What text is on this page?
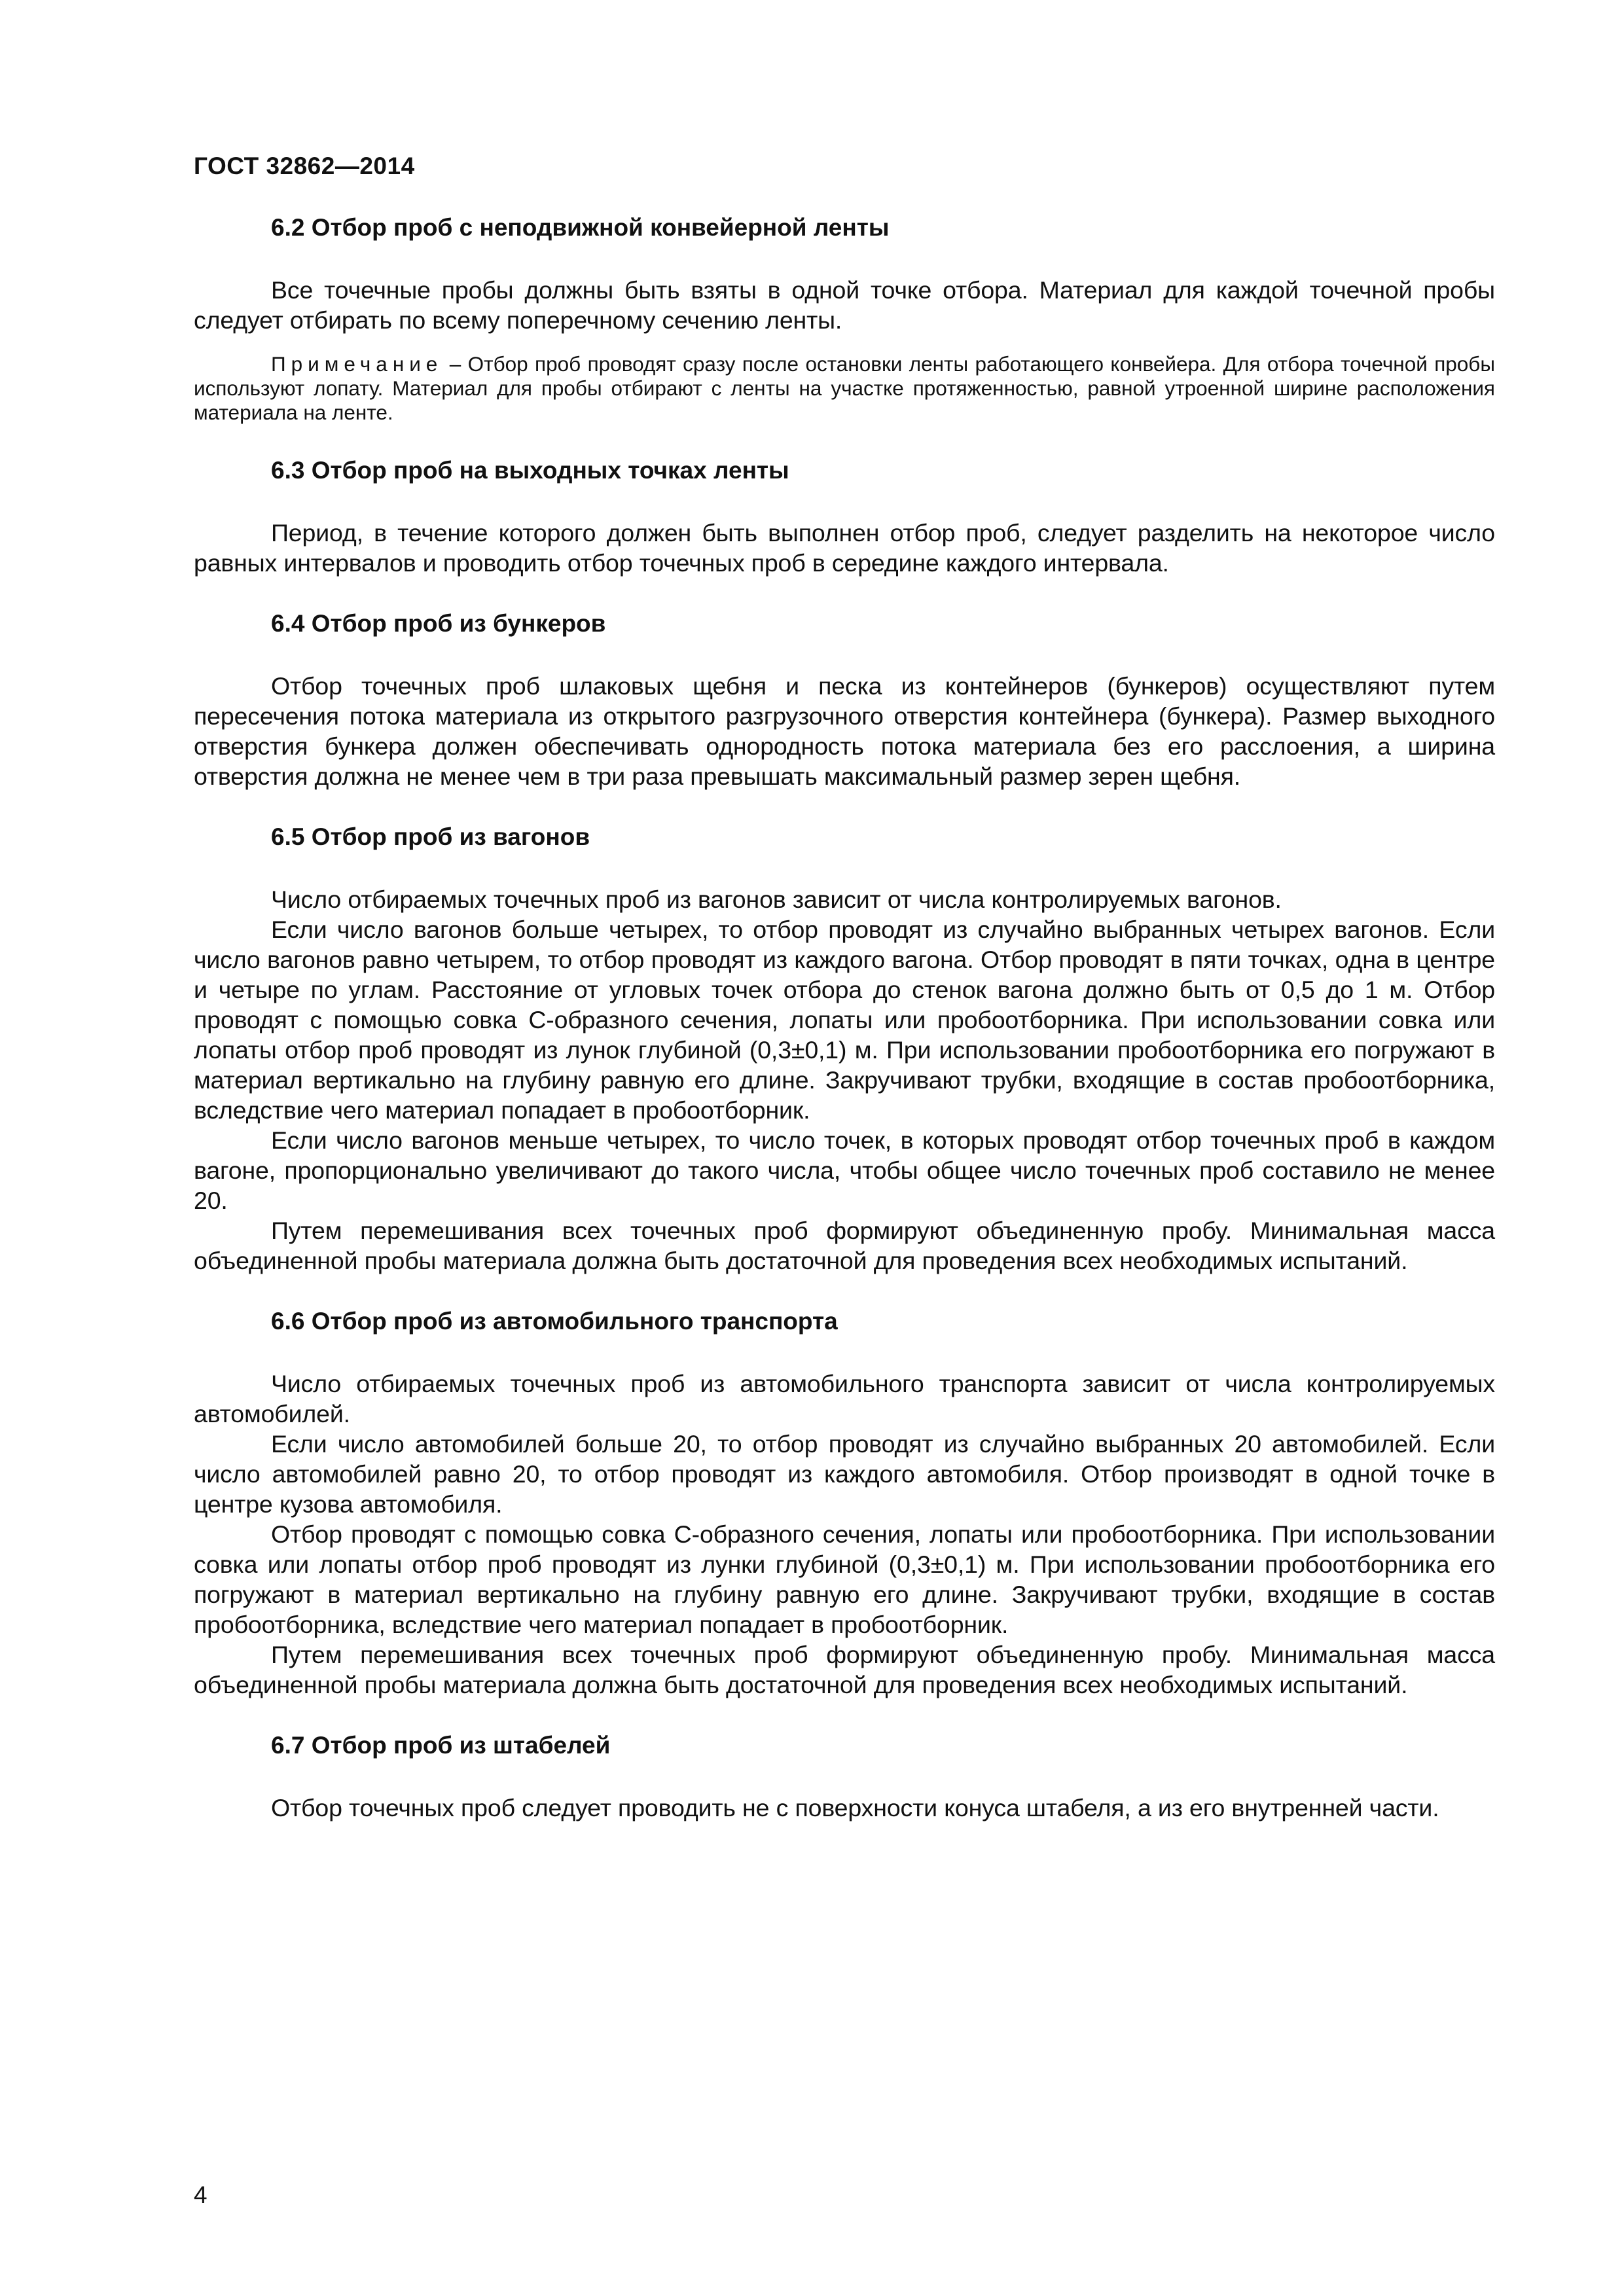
ГОСТ 32862—2014
6.2 Отбор проб с неподвижной конвейерной ленты

Все точечные пробы должны быть взяты в одной точке отбора. Материал для каждой точечной пробы следует отбирать по всему поперечному сечению ленты.

Примечание – Отбор проб проводят сразу после остановки ленты работающего конвейера. Для отбора точечной пробы используют лопату. Материал для пробы отбирают с ленты на участке протяженностью, равной утроенной ширине расположения материала на ленте.

6.3 Отбор проб на выходных точках ленты

Период, в течение которого должен быть выполнен отбор проб, следует разделить на некоторое число равных интервалов и проводить отбор точечных проб в середине каждого интервала.

6.4 Отбор проб из бункеров

Отбор точечных проб шлаковых щебня и песка из контейнеров (бункеров) осуществляют путем пересечения потока материала из открытого разгрузочного отверстия контейнера (бункера). Размер выходного отверстия бункера должен обеспечивать однородность потока материала без его расслоения, а ширина отверстия должна не менее чем в три раза превышать максимальный размер зерен щебня.

6.5 Отбор проб из вагонов

Число отбираемых точечных проб из вагонов зависит от числа контролируемых вагонов.

Если число вагонов больше четырех, то отбор проводят из случайно выбранных четырех вагонов. Если число вагонов равно четырем, то отбор проводят из каждого вагона. Отбор проводят в пяти точках, одна в центре и четыре по углам. Расстояние от угловых точек отбора до стенок вагона должно быть от 0,5 до 1 м. Отбор проводят с помощью совка С-образного сечения, лопаты или пробоотборника. При использовании совка или лопаты отбор проб проводят из лунок глубиной (0,3±0,1) м. При использовании пробоотборника его погружают в материал вертикально на глубину равную его длине. Закручивают трубки, входящие в состав пробоотборника, вследствие чего материал попадает в пробоотборник.

Если число вагонов меньше четырех, то число точек, в которых проводят отбор точечных проб в каждом вагоне, пропорционально увеличивают до такого числа, чтобы общее число точечных проб составило не менее 20.

Путем перемешивания всех точечных проб формируют объединенную пробу. Минимальная масса объединенной пробы материала должна быть достаточной для проведения всех необходимых испытаний.

6.6 Отбор проб из автомобильного транспорта

Число отбираемых точечных проб из автомобильного транспорта зависит от числа контролируемых автомобилей.

Если число автомобилей больше 20, то отбор проводят из случайно выбранных 20 автомобилей. Если число автомобилей равно 20, то отбор проводят из каждого автомобиля. Отбор производят в одной точке в центре кузова автомобиля.

Отбор проводят с помощью совка С-образного сечения, лопаты или пробоотборника. При использовании совка или лопаты отбор проб проводят из лунки глубиной (0,3±0,1) м. При использовании пробоотборника его погружают в материал вертикально на глубину равную его длине. Закручивают трубки, входящие в состав пробоотборника, вследствие чего материал попадает в пробоотборник.

Путем перемешивания всех точечных проб формируют объединенную пробу. Минимальная масса объединенной пробы материала должна быть достаточной для проведения всех необходимых испытаний.

6.7 Отбор проб из штабелей

Отбор точечных проб следует проводить не с поверхности конуса штабеля, а из его внутренней части.

4
